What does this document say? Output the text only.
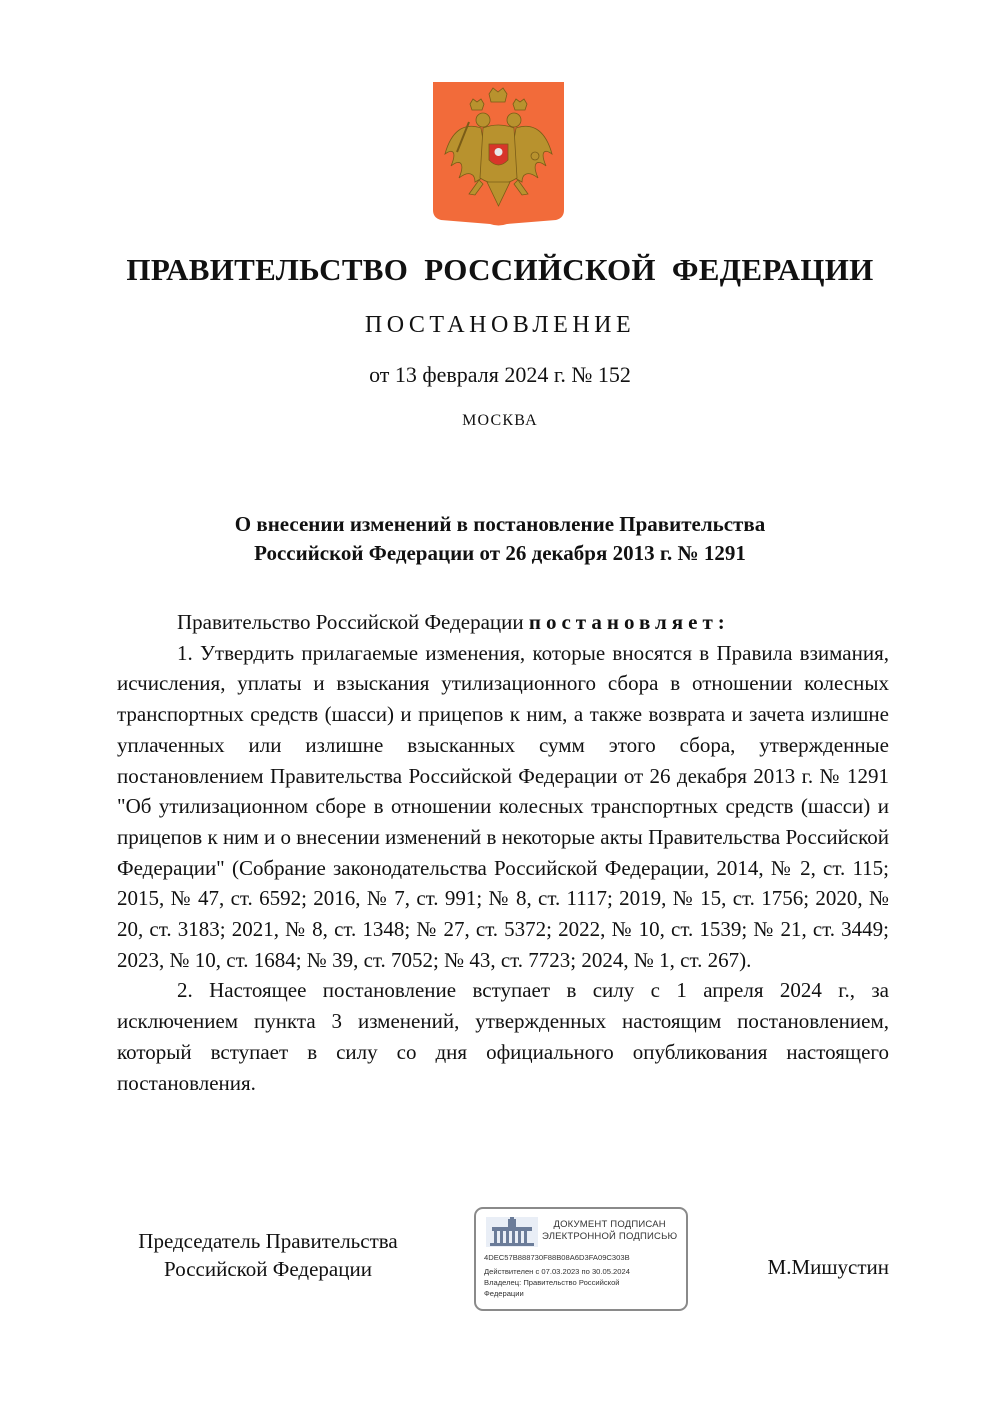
ПРАВИТЕЛЬСТВО РОССИЙСКОЙ ФЕДЕРАЦИИ
ПОСТАНОВЛЕНИЕ
от 13 февраля 2024 г. № 152
МОСКВА
О внесении изменений в постановление Правительства
Российской Федерации от 26 декабря 2013 г. № 1291

Правительство Российской Федерации постановляет:

1. Утвердить прилагаемые изменения, которые вносятся в Правила взимания, исчисления, уплаты и взыскания утилизационного сбора в отношении колесных транспортных средств (шасси) и прицепов к ним, а также возврата и зачета излишне уплаченных или излишне взысканных сумм этого сбора, утвержденные постановлением Правительства Российской Федерации от 26 декабря 2013 г. № 1291 "Об утилизационном сборе в отношении колесных транспортных средств (шасси) и прицепов к ним и о внесении изменений в некоторые акты Правительства Российской Федерации" (Собрание законодательства Российской Федерации, 2014, № 2, ст. 115; 2015, № 47, ст. 6592; 2016, № 7, ст. 991; № 8, ст. 1117; 2019, № 15, ст. 1756; 2020, № 20, ст. 3183; 2021, № 8, ст. 1348; № 27, ст. 5372; 2022, № 10, ст. 1539; № 21, ст. 3449; 2023, № 10, ст. 1684; № 39, ст. 7052; № 43, ст. 7723; 2024, № 1, ст. 267).

2. Настоящее постановление вступает в силу с 1 апреля 2024 г., за исключением пункта 3 изменений, утвержденных настоящим постановлением, который вступает в силу со дня официального опубликования настоящего постановления.

Председатель Правительства
Российской Федерации
ДОКУМЕНТ ПОДПИСАН
ЭЛЕКТРОННОЙ ПОДПИСЬЮ
4DEC57B888730F88B08A6D3FA09C303B
Действителен с 07.03.2023 по 30.05.2024
Владелец: Правительство Российской
Федерации
М.Мишустин
